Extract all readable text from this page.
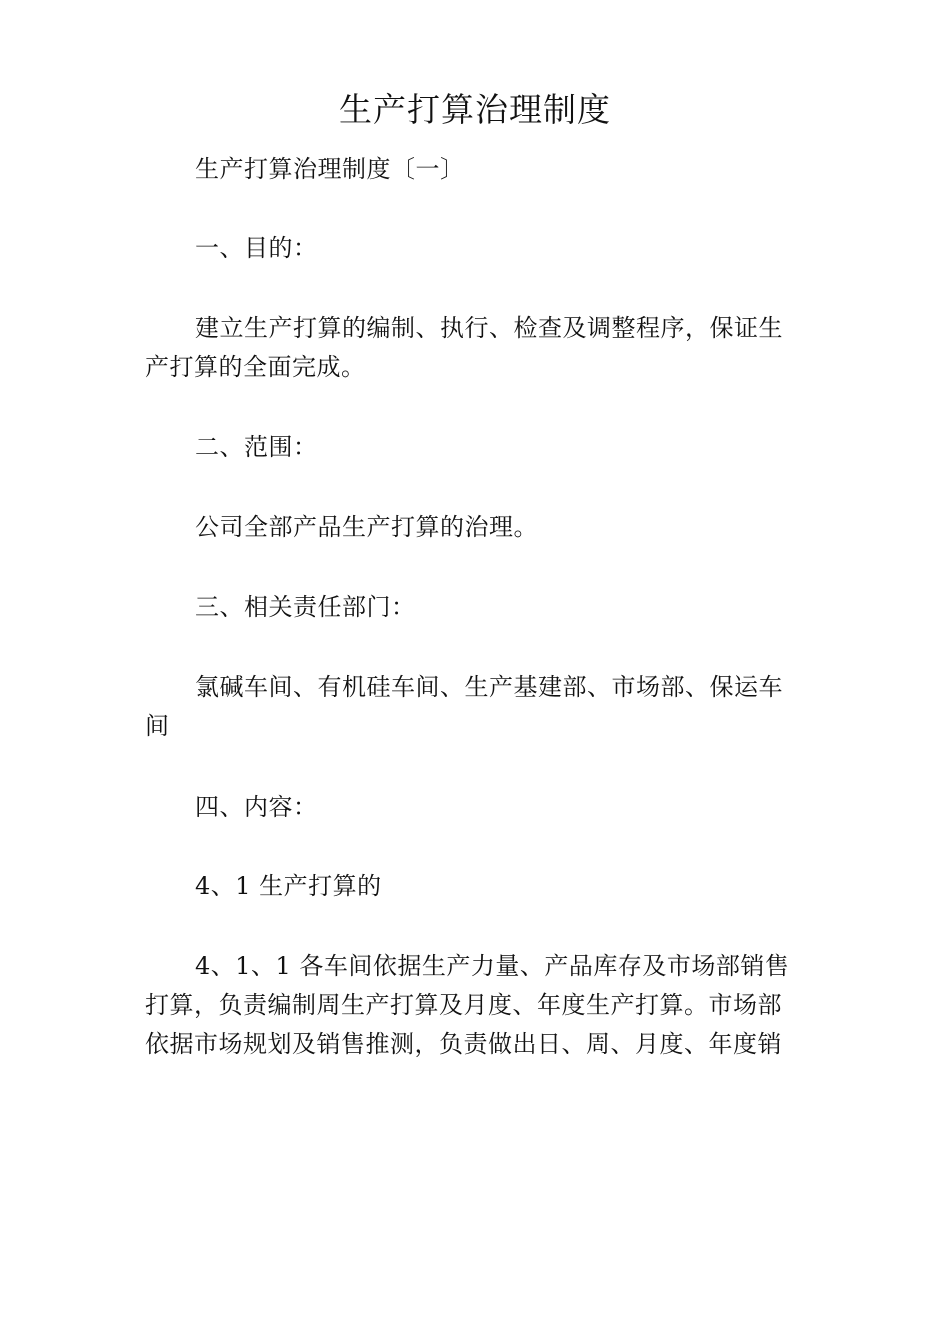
生产打算治理制度
生产打算治理制度〔一〕
一、目的：
建立生产打算的编制、执行、检查及调整程序，保证生产打算的全面完成。
二、范围：
公司全部产品生产打算的治理。
三、相关责任部门：
氯碱车间、有机硅车间、生产基建部、市场部、保运车间
四、内容：
4、1 生产打算的
4、1、1 各车间依据生产力量、产品库存及市场部销售打算，负责编制周生产打算及月度、年度生产打算。市场部依据市场规划及销售推测，负责做出日、周、月度、年度销
